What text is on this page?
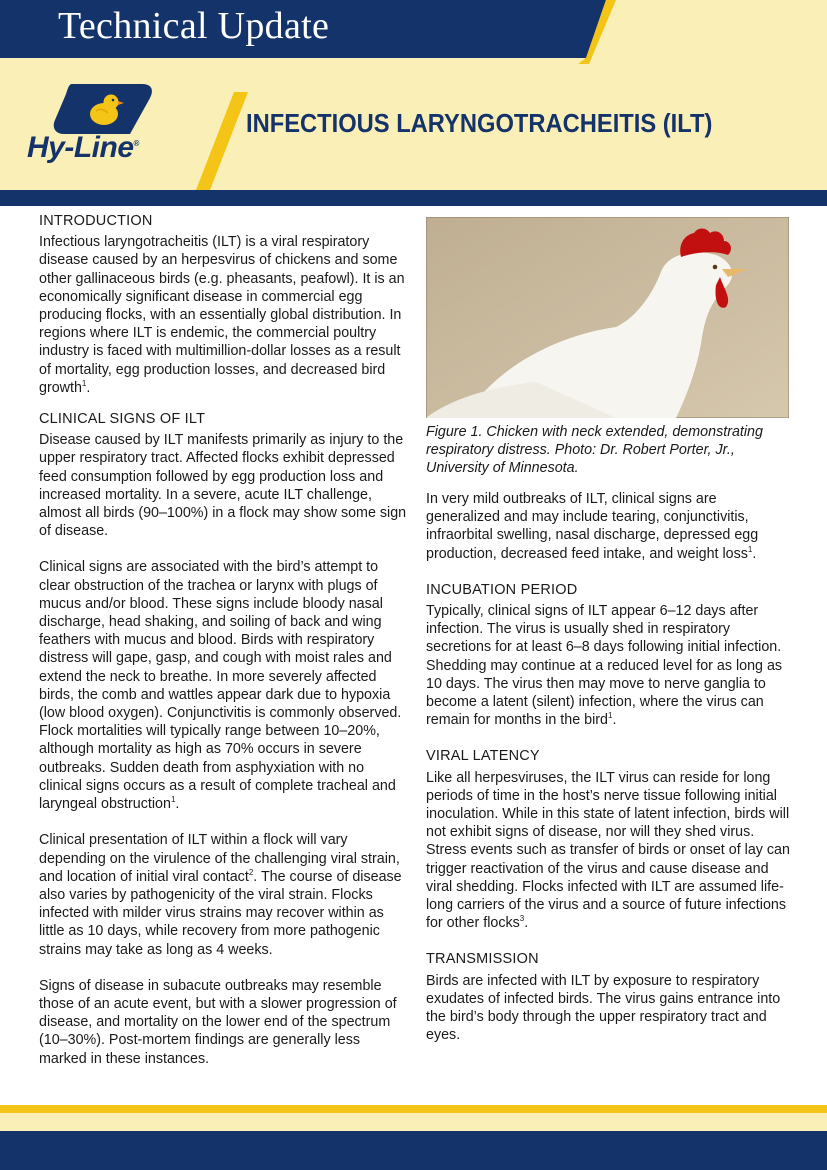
Technical Update
Hy-Line®
INFECTIOUS LARYNGOTRACHEITIS (ILT)
INTRODUCTION

Infectious laryngotracheitis (ILT) is a viral respiratory disease caused by an herpesvirus of chickens and some other gallinaceous birds (e.g. pheasants, peafowl). It is an economically significant disease in commercial egg producing flocks, with an essentially global distribution. In regions where ILT is endemic, the commercial poultry industry is faced with multimillion-dollar losses as a result of mortality, egg production losses, and decreased bird growth$^1$.

CLINICAL SIGNS OF ILT

Disease caused by ILT manifests primarily as injury to the upper respiratory tract. Affected flocks exhibit depressed feed consumption followed by egg production loss and increased mortality. In a severe, acute ILT challenge, almost all birds (90–100%) in a flock may show some sign of disease.

Clinical signs are associated with the bird’s attempt to clear obstruction of the trachea or larynx with plugs of mucus and/or blood. These signs include bloody nasal discharge, head shaking, and soiling of back and wing feathers with mucus and blood. Birds with respiratory distress will gape, gasp, and cough with moist rales and extend the neck to breathe. In more severely affected birds, the comb and wattles appear dark due to hypoxia (low blood oxygen). Conjunctivitis is commonly observed. Flock mortalities will typically range between 10–20%, although mortality as high as 70% occurs in severe outbreaks. Sudden death from asphyxiation with no clinical signs occurs as a result of complete tracheal and laryngeal obstruction$^1$.

Clinical presentation of ILT within a flock will vary depending on the virulence of the challenging viral strain, and location of initial viral contact$^2$. The course of disease also varies by pathogenicity of the viral strain. Flocks infected with milder virus strains may recover within as little as 10 days, while recovery from more pathogenic strains may take as long as 4 weeks.

Signs of disease in subacute outbreaks may resemble those of an acute event, but with a slower progression of disease, and mortality on the lower end of the spectrum (10–30%). Post-mortem findings are generally less marked in these instances.

Figure 1. Chicken with neck extended, demonstrating respiratory distress. Photo: Dr. Robert Porter, Jr., University of Minnesota.

In very mild outbreaks of ILT, clinical signs are generalized and may include tearing, conjunctivitis, infraorbital swelling, nasal discharge, depressed egg production, decreased feed intake, and weight loss$^1$.

INCUBATION PERIOD

Typically, clinical signs of ILT appear 6–12 days after infection. The virus is usually shed in respiratory secretions for at least 6–8 days following initial infection. Shedding may continue at a reduced level for as long as 10 days. The virus then may move to nerve ganglia to become a latent (silent) infection, where the virus can remain for months in the bird$^1$.

VIRAL LATENCY

Like all herpesviruses, the ILT virus can reside for long periods of time in the host’s nerve tissue following initial inoculation. While in this state of latent infection, birds will not exhibit signs of disease, nor will they shed virus. Stress events such as transfer of birds or onset of lay can trigger reactivation of the virus and cause disease and viral shedding. Flocks infected with ILT are assumed life-long carriers of the virus and a source of future infections for other flocks$^3$.

TRANSMISSION

Birds are infected with ILT by exposure to respiratory exudates of infected birds. The virus gains entrance into the bird’s body through the upper respiratory tract and eyes.
